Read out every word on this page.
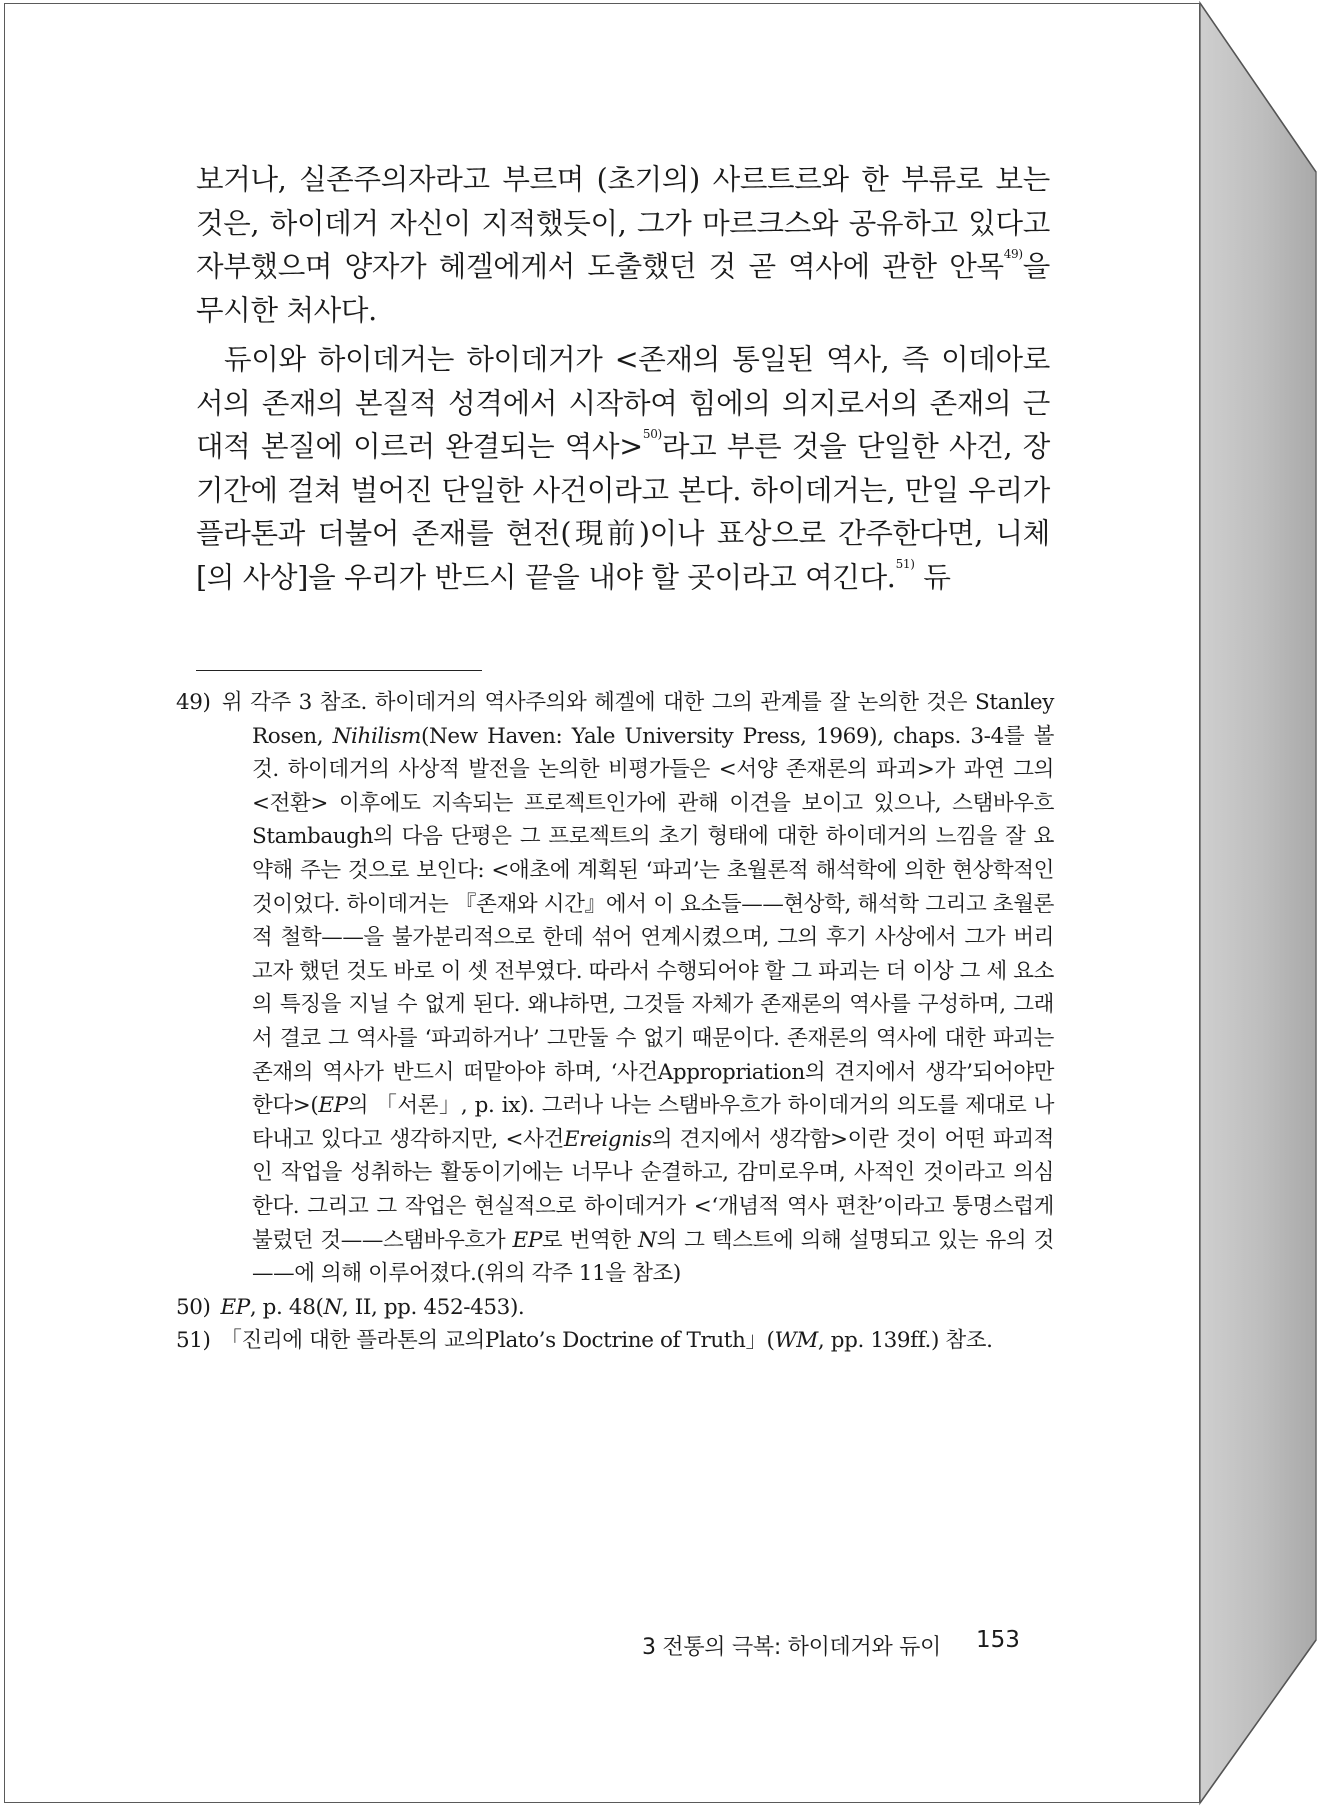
보거나, 실존주의자라고 부르며 (초기의) 사르트르와 한 부류로 보는 것은, 하이데거 자신이 지적했듯이, 그가 마르크스와 공유하고 있다고 자부했으며 양자가 헤겔에게서 도출했던 것 곧 역사에 관한 안목$^{49)}$을 무시한 처사다.

듀이와 하이데거는 하이데거가 <존재의 통일된 역사, 즉 이데아로서의 존재의 본질적 성격에서 시작하여 힘에의 의지로서의 존재의 근대적 본질에 이르러 완결되는 역사>$^{50)}$라고 부른 것을 단일한 사건, 장기간에 걸쳐 벌어진 단일한 사건이라고 본다. 하이데거는, 만일 우리가 플라톤과 더불어 존재를 현전(現前)이나 표상으로 간주한다면, 니체[의 사상]을 우리가 반드시 끝을 내야 할 곳이라고 여긴다.$^{51)}$ 듀

위 각주 3 참조. 하이데거의 역사주의와 헤겔에 대한 그의 관계를 잘 논의한 것은 Stanley Rosen, Nihilism(New Haven: Yale University Press, 1969), chaps. 3-4를 볼 것. 하이데거의 사상적 발전을 논의한 비평가들은 <서양 존재론의 파괴>가 과연 그의 <전환> 이후에도 지속되는 프로젝트인가에 관해 이견을 보이고 있으나, 스탬바우흐Stambaugh의 다음 단평은 그 프로젝트의 초기 형태에 대한 하이데거의 느낌을 잘 요약해 주는 것으로 보인다: <애초에 계획된 ‘파괴’는 초월론적 해석학에 의한 현상학적인 것이었다. 하이데거는 『존재와 시간』에서 이 요소들——현상학, 해석학 그리고 초월론적 철학——을 불가분리적으로 한데 섞어 연계시켰으며, 그의 후기 사상에서 그가 버리고자 했던 것도 바로 이 셋 전부였다. 따라서 수행되어야 할 그 파괴는 더 이상 그 세 요소의 특징을 지닐 수 없게 된다. 왜냐하면, 그것들 자체가 존재론의 역사를 구성하며, 그래서 결코 그 역사를 ‘파괴하거나’ 그만둘 수 없기 때문이다. 존재론의 역사에 대한 파괴는 존재의 역사가 반드시 떠맡아야 하며, ‘사건Appropriation의 견지에서 생각’되어야만 한다>(EP의 「서론」, p. ix). 그러나 나는 스탬바우흐가 하이데거의 의도를 제대로 나타내고 있다고 생각하지만, <사건Ereignis의 견지에서 생각함>이란 것이 어떤 파괴적인 작업을 성취하는 활동이기에는 너무나 순결하고, 감미로우며, 사적인 것이라고 의심한다. 그리고 그 작업은 현실적으로 하이데거가 <‘개념적 역사 편찬’이라고 퉁명스럽게 불렀던 것——스탬바우흐가 EP로 번역한 N의 그 텍스트에 의해 설명되고 있는 유의 것——에 의해 이루어졌다.(위의 각주 11을 참조)

EP, p. 48(N, II, pp. 452-453).

「진리에 대한 플라톤의 교의Plato’s Doctrine of Truth」(WM, pp. 139ff.) 참조.

3 전통의 극복: 하이데거와 듀이 153
